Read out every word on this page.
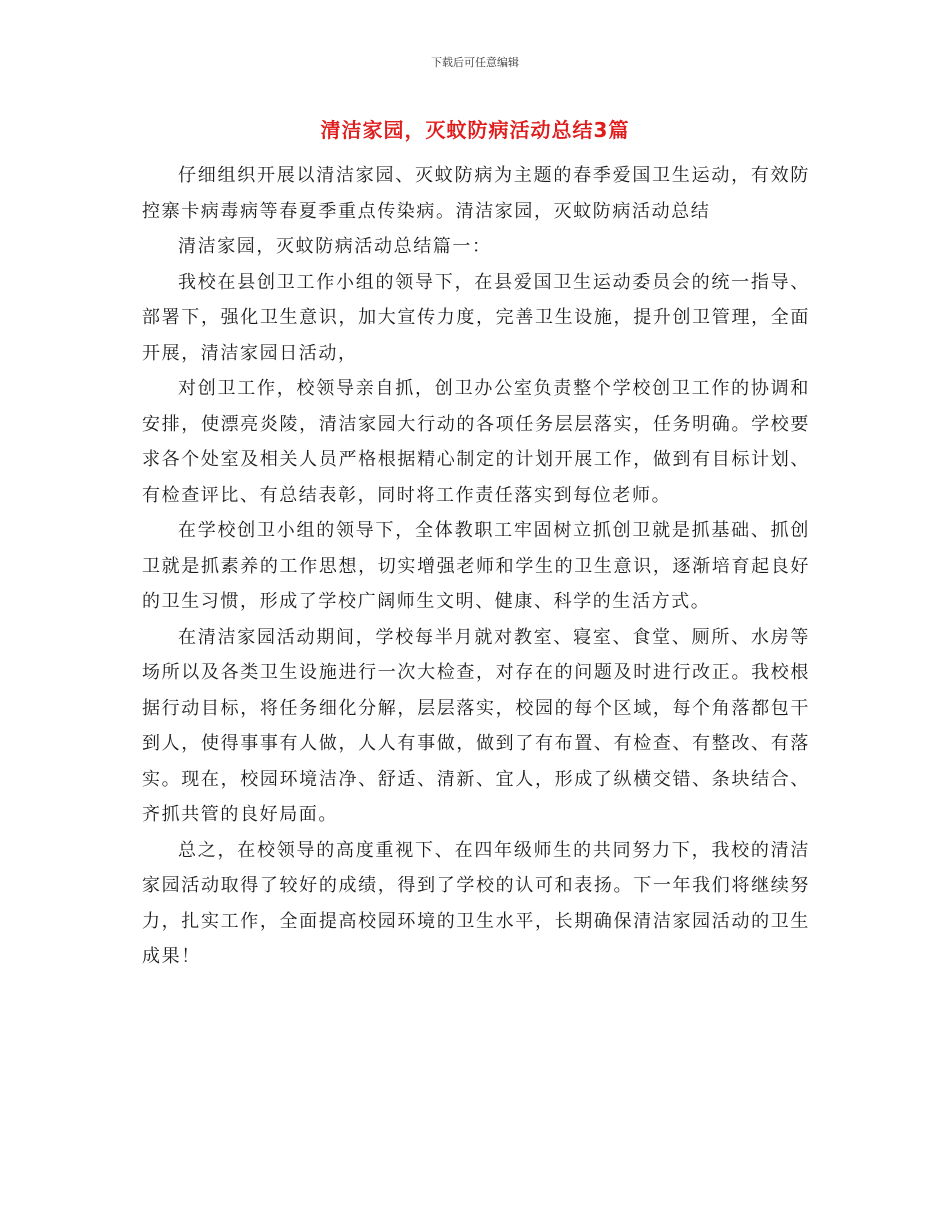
下载后可任意编辑
清洁家园，灭蚊防病活动总结3篇

仔细组织开展以清洁家园、灭蚊防病为主题的春季爱国卫生运动，有效防控寨卡病毒病等春夏季重点传染病。清洁家园，灭蚊防病活动总结

清洁家园，灭蚊防病活动总结篇一：

我校在县创卫工作小组的领导下，在县爱国卫生运动委员会的统一指导、部署下，强化卫生意识，加大宣传力度，完善卫生设施，提升创卫管理，全面开展，清洁家园日活动，

对创卫工作，校领导亲自抓，创卫办公室负责整个学校创卫工作的协调和安排，使漂亮炎陵，清洁家园大行动的各项任务层层落实，任务明确。学校要求各个处室及相关人员严格根据精心制定的计划开展工作，做到有目标计划、有检查评比、有总结表彰，同时将工作责任落实到每位老师。

在学校创卫小组的领导下，全体教职工牢固树立抓创卫就是抓基础、抓创卫就是抓素养的工作思想，切实增强老师和学生的卫生意识，逐渐培育起良好的卫生习惯，形成了学校广阔师生文明、健康、科学的生活方式。

在清洁家园活动期间，学校每半月就对教室、寝室、食堂、厕所、水房等场所以及各类卫生设施进行一次大检查，对存在的问题及时进行改正。我校根据行动目标，将任务细化分解，层层落实，校园的每个区域，每个角落都包干到人，使得事事有人做，人人有事做，做到了有布置、有检查、有整改、有落实。现在，校园环境洁净、舒适、清新、宜人，形成了纵横交错、条块结合、齐抓共管的良好局面。

总之，在校领导的高度重视下、在四年级师生的共同努力下，我校的清洁家园活动取得了较好的成绩，得到了学校的认可和表扬。下一年我们将继续努力，扎实工作，全面提高校园环境的卫生水平，长期确保清洁家园活动的卫生成果！
